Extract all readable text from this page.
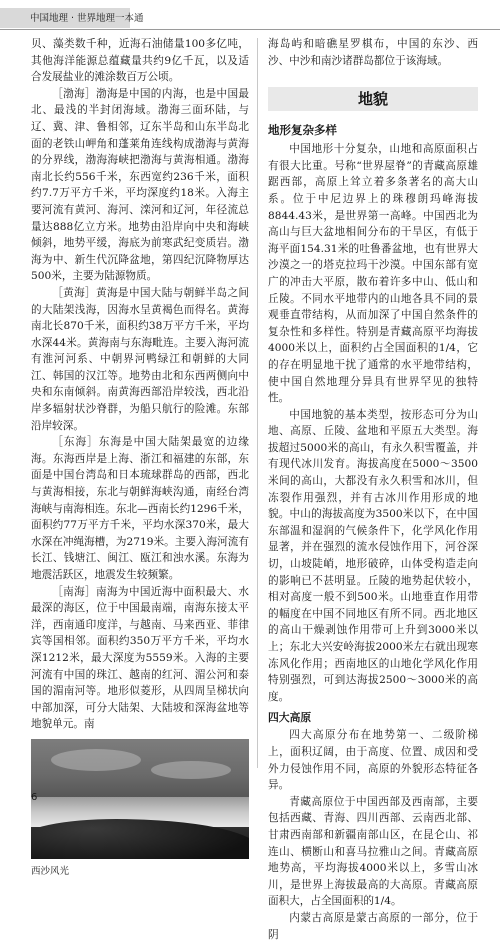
中国地理 · 世界地理一本通

贝、藻类数千种，近海石油储量100多亿吨，其他海洋能源总蕴藏量共约9亿千瓦，以及适合发展盐业的滩涂数百万公顷。

［渤海］渤海是中国的内海，也是中国最北、最浅的半封闭海域。渤海三面环陆，与辽、冀、津、鲁相邻，辽东半岛和山东半岛北面的老铁山岬角和蓬莱角连线构成渤海与黄海的分界线，渤海海峡把渤海与黄海相通。渤海南北长约556千米，东西宽约236千米，面积约7.7万平方千米，平均深度约18米。入海主要河流有黄河、海河、滦河和辽河，年径流总量达888亿立方米。地势由沿岸向中央和海峡倾斜，地势平缓，海底为前寒武纪变质岩。渤海为中、新生代沉降盆地，第四纪沉降物厚达500米，主要为陆源物质。

［黄海］黄海是中国大陆与朝鲜半岛之间的大陆架浅海，因海水呈黄褐色而得名。黄海南北长870千米，面积约38万平方千米，平均水深44米。黄海南与东海毗连。主要入海河流有淮河河系、中朝界河鸭绿江和朝鲜的大同江、韩国的汉江等。地势由北和东西两侧向中央和东南倾斜。南黄海西部沿岸较浅，西北沿岸多辐射状沙脊群，为船只航行的险滩。东部沿岸较深。

［东海］东海是中国大陆架最宽的边缘海。东海西岸是上海、浙江和福建的东部，东面是中国台湾岛和日本琉球群岛的西部，西北与黄海相接，东北与朝鲜海峡沟通，南经台湾海峡与南海相连。东北—西南长约1296千米，面积约77万平方千米，平均水深370米，最大水深在冲绳海槽，为2719米。主要入海河流有长江、钱塘江、闽江、瓯江和浊水溪。东海为地震活跃区，地震发生较频繁。

［南海］南海为中国近海中面积最大、水最深的海区，位于中国最南端，南海东接太平洋，西南通印度洋，与越南、马来西亚、菲律宾等国相邻。面积约350万平方千米，平均水深1212米，最大深度为5559米。入海的主要河流有中国的珠江、越南的红河、湄公河和泰国的湄南河等。地形似菱形，从四周呈梯状向中部加深，可分大陆架、大陆坡和深海盆地等地貌单元。南

西沙风光

海岛屿和暗礁星罗棋布，中国的东沙、西沙、中沙和南沙诸群岛都位于该海域。

地貌
地形复杂多样

中国地形十分复杂，山地和高原面积占有很大比重。号称“世界屋脊”的青藏高原雄踞西部，高原上耸立着多条著名的高大山系。位于中尼边界上的珠穆朗玛峰海拔8844.43米，是世界第一高峰。中国西北为高山与巨大盆地相间分布的干旱区，有低于海平面154.31米的吐鲁番盆地，也有世界大沙漠之一的塔克拉玛干沙漠。中国东部有宽广的冲击大平原，散布着许多中山、低山和丘陵。不同水平地带内的山地各具不同的景观垂直带结构，从而加深了中国自然条件的复杂性和多样性。特别是青藏高原平均海拔4000米以上，面积约占全国面积的1/4，它的存在明显地干扰了通常的水平地带结构，使中国自然地理分异具有世界罕见的独特性。

中国地貌的基本类型，按形态可分为山地、高原、丘陵、盆地和平原五大类型。海拔超过5000米的高山，有永久积雪覆盖，并有现代冰川发育。海拔高度在5000～3500米间的高山，大都没有永久积雪和冰川，但冻裂作用强烈，并有古冰川作用形成的地貌。中山的海拔高度为3500米以下，在中国东部温和湿润的气候条件下，化学风化作用显著，并在强烈的流水侵蚀作用下，河谷深切，山坡陡峭，地形破碎，山体受构造走向的影响已不甚明显。丘陵的地势起伏较小，相对高度一般不到500米。山地垂直作用带的幅度在中国不同地区有所不同。西北地区的高山干燥剥蚀作用带可上升到3000米以上；东北大兴安岭海拔2000米左右就出现寒冻风化作用；西南地区的山地化学风化作用特别强烈，可到达海拔2500～3000米的高度。

四大高原

四大高原分布在地势第一、二级阶梯上，面积辽阔，由于高度、位置、成因和受外力侵蚀作用不同，高原的外貌形态特征各异。

青藏高原位于中国西部及西南部，主要包括西藏、青海、四川西部、云南西北部、甘肃西南部和新疆南部山区，在昆仑山、祁连山、横断山和喜马拉雅山之间。青藏高原地势高，平均海拔4000米以上，多雪山冰川，是世界上海拔最高的大高原。青藏高原面积大，占全国面积的1/4。

内蒙古高原是蒙古高原的一部分，位于阴

6
